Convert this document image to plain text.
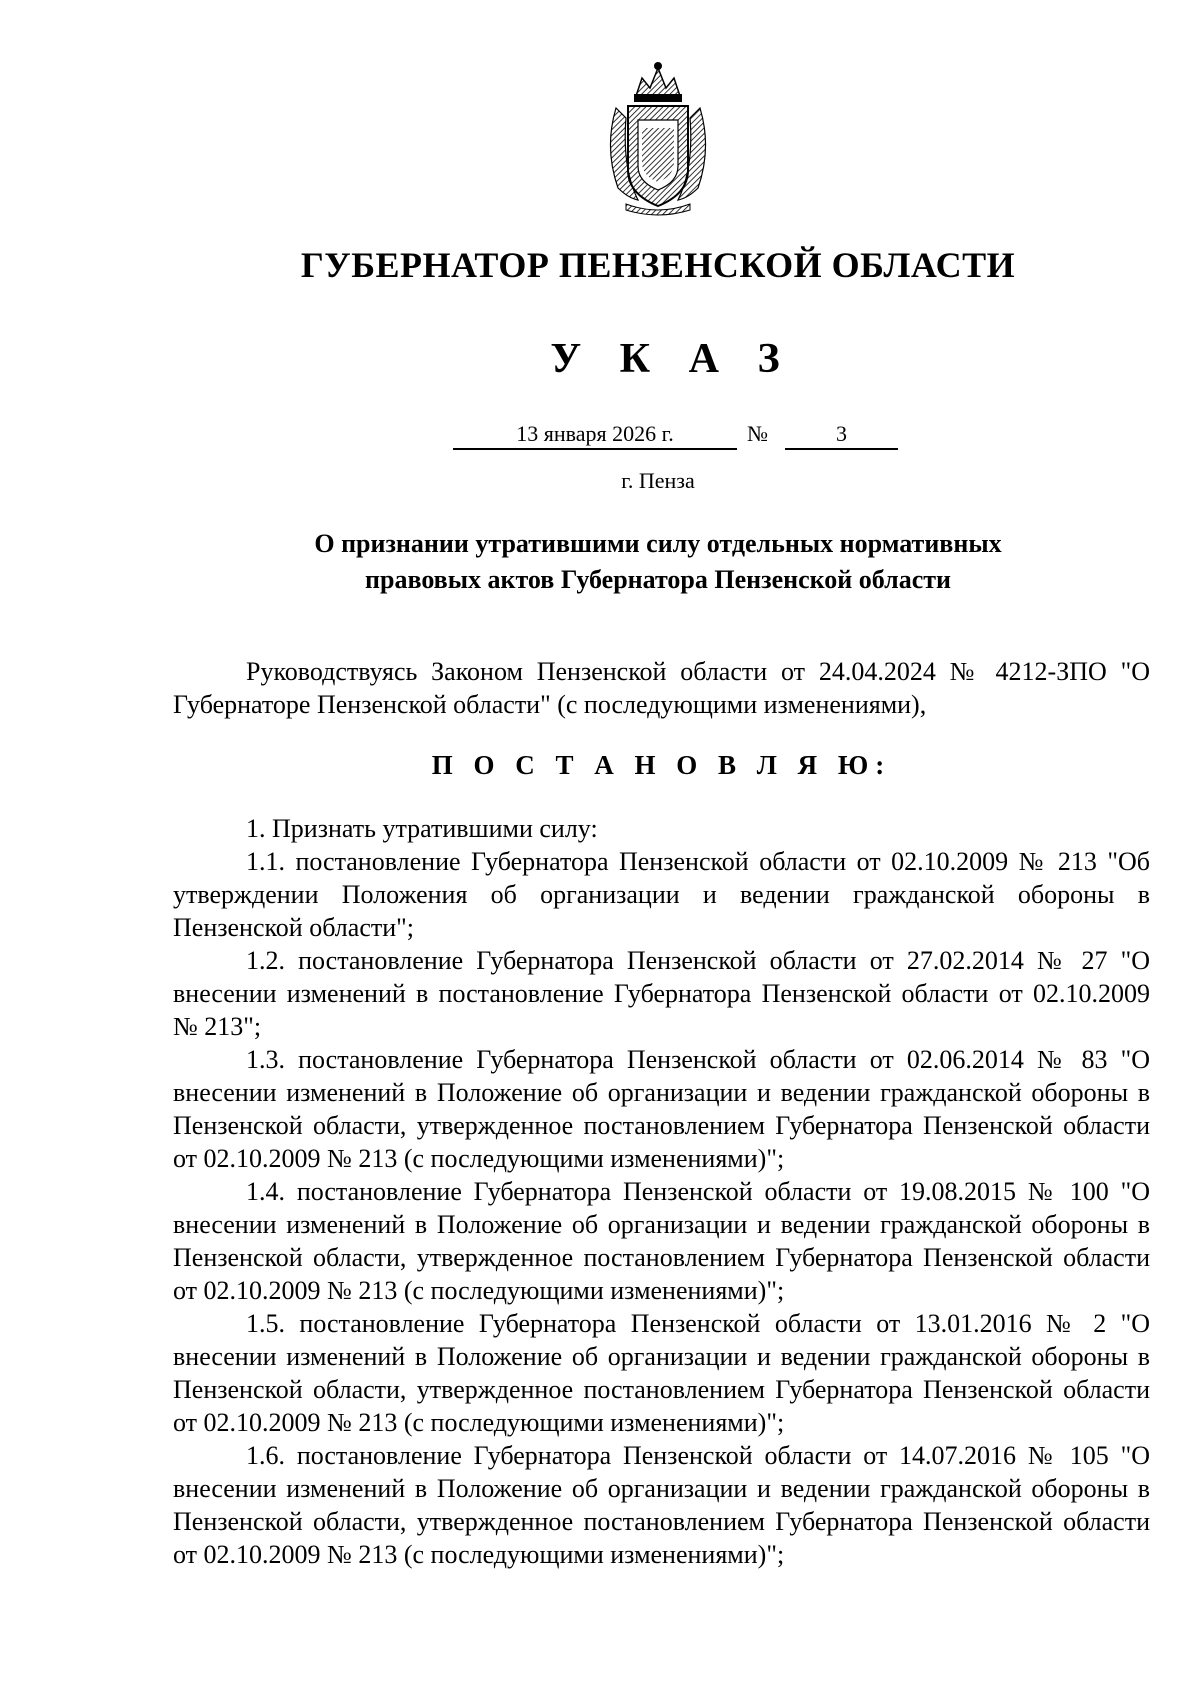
ГУБЕРНАТОР ПЕНЗЕНСКОЙ ОБЛАСТИ
У К А З
13 января 2026 г.	№	3
г. Пенза
О признании утратившими силу отдельных нормативных
правовых актов Губернатора Пензенской области

Руководствуясь Законом Пензенской области от 24.04.2024 № 4212-ЗПО "О Губернаторе Пензенской области" (с последующими изменениями),

П О С Т А Н О В Л Я Ю:

1. Признать утратившими силу:

1.1. постановление Губернатора Пензенской области от 02.10.2009 № 213 "Об утверждении Положения об организации и ведении гражданской обороны в Пензенской области";

1.2. постановление Губернатора Пензенской области от 27.02.2014 № 27 "О внесении изменений в постановление Губернатора Пензенской области от 02.10.2009 № 213";

1.3. постановление Губернатора Пензенской области от 02.06.2014 № 83 "О внесении изменений в Положение об организации и ведении гражданской обороны в Пензенской области, утвержденное постановлением Губернатора Пензенской области от 02.10.2009 № 213 (с последующими изменениями)";

1.4. постановление Губернатора Пензенской области от 19.08.2015 № 100 "О внесении изменений в Положение об организации и ведении гражданской обороны в Пензенской области, утвержденное постановлением Губернатора Пензенской области от 02.10.2009 № 213 (с последующими изменениями)";

1.5. постановление Губернатора Пензенской области от 13.01.2016 № 2 "О внесении изменений в Положение об организации и ведении гражданской обороны в Пензенской области, утвержденное постановлением Губернатора Пензенской области от 02.10.2009 № 213 (с последующими изменениями)";

1.6. постановление Губернатора Пензенской области от 14.07.2016 № 105 "О внесении изменений в Положение об организации и ведении гражданской обороны в Пензенской области, утвержденное постановлением Губернатора Пензенской области от 02.10.2009 № 213 (с последующими изменениями)";
